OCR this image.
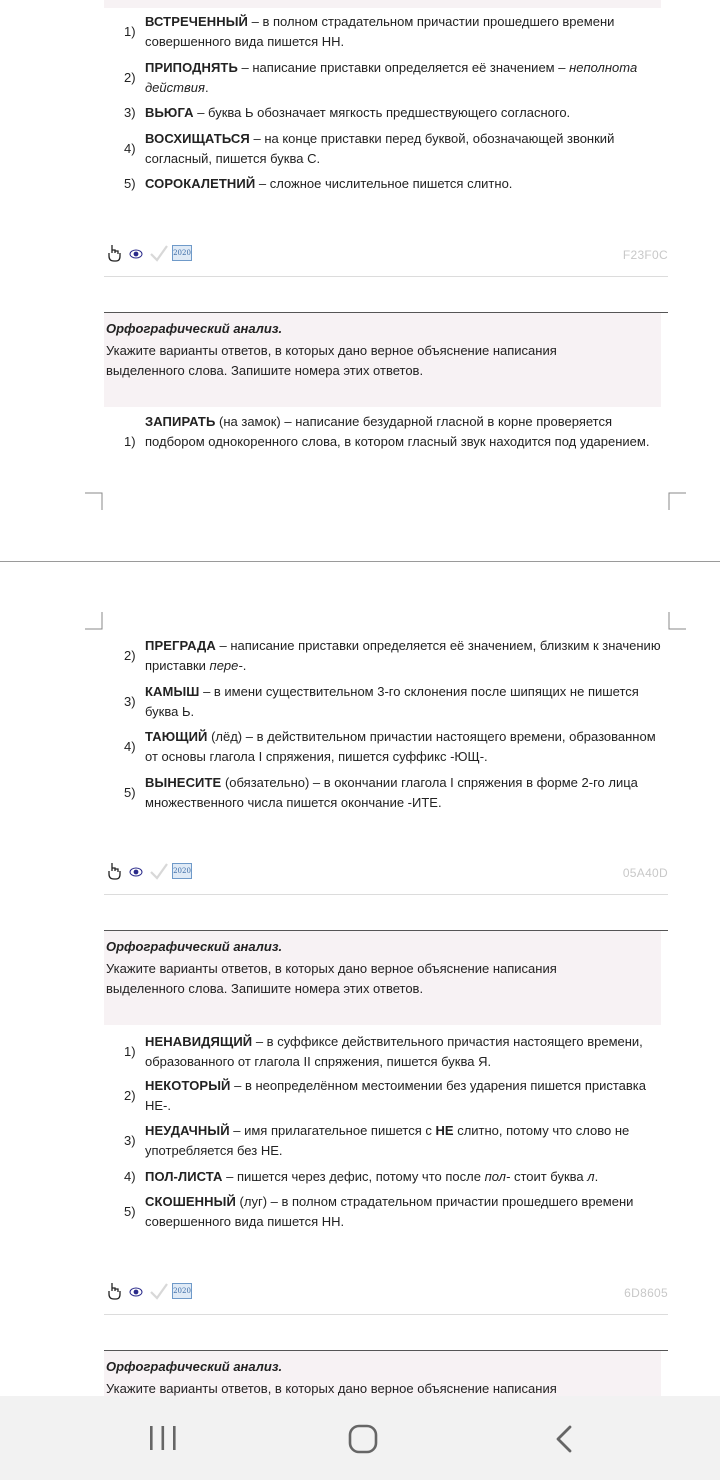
1)
ВСТРЕЧЕННЫЙ – в полном страдательном причастии прошедшего времени совершенного вида пишется НН.
2)
ПРИПОДНЯТЬ – написание приставки определяется её значением – неполнота действия.
3) ВЬЮГА – буква Ь обозначает мягкость предшествующего согласного.
4)
ВОСХИЩАТЬСЯ – на конце приставки перед буквой, обозначающей звонкий согласный, пишется буква С.
5) СОРОКАЛЕТНИЙ – сложное числительное пишется слитно.
2020	F23F0C
Орфографический анализ.
Укажите варианты ответов, в которых дано верное объяснение написания выделенного слова. Запишите номера этих ответов.
1)
ЗАПИРАТЬ (на замок) – написание безударной гласной в корне проверяется подбором однокоренного слова, в котором гласный звук находится под ударением.
2)
ПРЕГРАДА – написание приставки определяется её значением, близким к значению приставки пере-.
3)
КАМЫШ – в имени существительном 3-го склонения после шипящих не пишется буква Ь.
4)
ТАЮЩИЙ (лёд) – в действительном причастии настоящего времени, образованном от основы глагола I спряжения, пишется суффикс -ЮЩ-.
5)
ВЫНЕСИТЕ (обязательно) – в окончании глагола I спряжения в форме 2-го лица множественного числа пишется окончание -ИТЕ.
2020	05A40D
Орфографический анализ.
Укажите варианты ответов, в которых дано верное объяснение написания выделенного слова. Запишите номера этих ответов.
1)
НЕНАВИДЯЩИЙ – в суффиксе действительного причастия настоящего времени, образованного от глагола II спряжения, пишется буква Я.
2)
НЕКОТОРЫЙ – в неопределённом местоимении без ударения пишется приставка НЕ-.
3)
НЕУДАЧНЫЙ – имя прилагательное пишется с НЕ слитно, потому что слово не употребляется без НЕ.
4) ПОЛ-ЛИСТА – пишется через дефис, потому что после пол- стоит буква л.
5)
СКОШЕННЫЙ (луг) – в полном страдательном причастии прошедшего времени совершенного вида пишется НН.
2020	6D8605
Орфографический анализ.
Укажите варианты ответов, в которых дано верное объяснение написания
